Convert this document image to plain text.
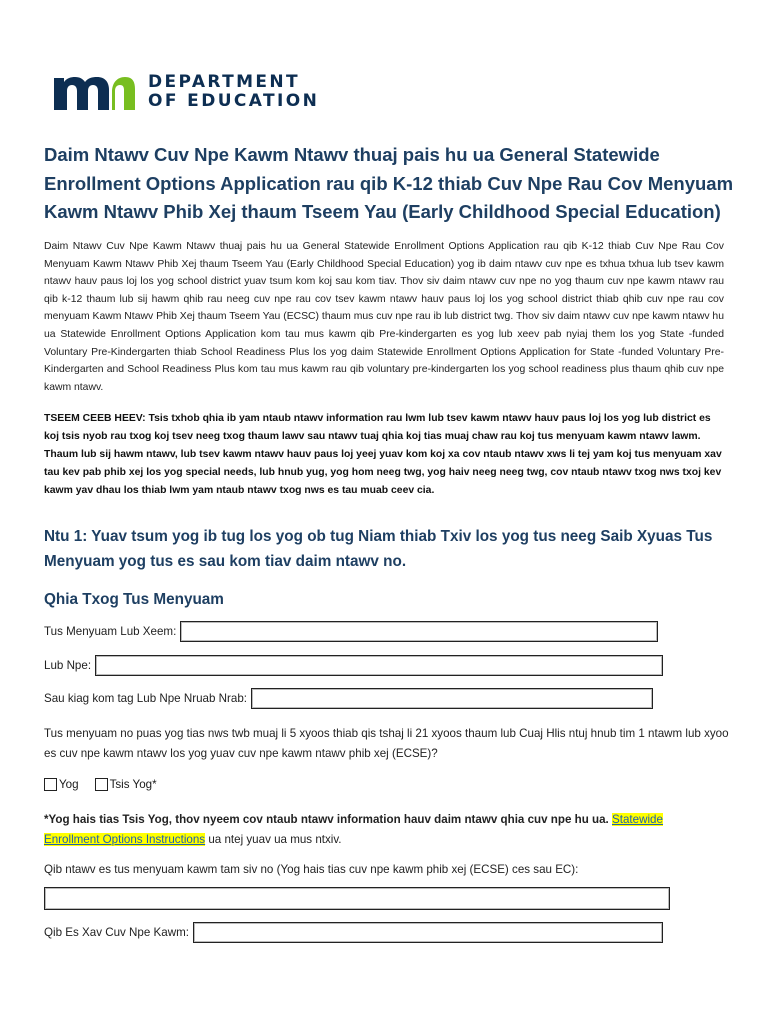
DEPARTMENT
OF EDUCATION
Daim Ntawv Cuv Npe Kawm Ntawv thuaj pais hu ua General Statewide Enrollment Options Application rau qib K-12 thiab Cuv Npe Rau Cov Menyuam Kawm Ntawv Phib Xej thaum Tseem Yau (Early Childhood Special Education)

Daim Ntawv Cuv Npe Kawm Ntawv thuaj pais hu ua General Statewide Enrollment Options Application rau qib K-12 thiab Cuv Npe Rau Cov Menyuam Kawm Ntawv Phib Xej thaum Tseem Yau (Early Childhood Special Education) yog ib daim ntawv cuv npe es txhua txhua lub tsev kawm ntawv hauv paus loj los yog school district yuav tsum kom koj sau kom tiav. Thov siv daim ntawv cuv npe no yog thaum cuv npe kawm ntawv rau qib k-12 thaum lub sij hawm qhib rau neeg cuv npe rau cov tsev kawm ntawv hauv paus loj los yog school district thiab qhib cuv npe rau cov menyuam Kawm Ntawv Phib Xej thaum Tseem Yau (ECSC) thaum mus cuv npe rau ib lub district twg. Thov siv daim ntawv cuv npe kawm ntawv hu ua Statewide Enrollment Options Application kom tau mus kawm qib Pre-kindergarten es yog lub xeev pab nyiaj them los yog State -funded Voluntary Pre-Kindergarten thiab School Readiness Plus los yog daim Statewide Enrollment Options Application for State -funded Voluntary Pre-Kindergarten and School Readiness Plus kom tau mus kawm rau qib voluntary pre-kindergarten los yog school readiness plus thaum qhib cuv npe kawm ntawv.

TSEEM CEEB HEEV: Tsis txhob qhia ib yam ntaub ntawv information rau lwm lub tsev kawm ntawv hauv paus loj los yog lub district es koj tsis nyob rau txog koj tsev neeg txog thaum lawv sau ntawv tuaj qhia koj tias muaj chaw rau koj tus menyuam kawm ntawv lawm. Thaum lub sij hawm ntawv, lub tsev kawm ntawv hauv paus loj yeej yuav kom koj xa cov ntaub ntawv xws li tej yam koj tus menyuam xav tau kev pab phib xej los yog special needs, lub hnub yug, yog hom neeg twg, yog haiv neeg neeg twg, cov ntaub ntawv txog nws txoj kev kawm yav dhau los thiab lwm yam ntaub ntawv txog nws es tau muab ceev cia.

Ntu 1: Yuav tsum yog ib tug los yog ob tug Niam thiab Txiv los yog tus neeg Saib Xyuas Tus Menyuam yog tus es sau kom tiav daim ntawv no.
Qhia Txog Tus Menyuam
Tus Menyuam Lub Xeem:
Lub Npe:
Sau kiag kom tag Lub Npe Nruab Nrab:

Tus menyuam no puas yog tias nws twb muaj li 5 xyoos thiab qis tshaj li 21 xyoos thaum lub Cuaj Hlis ntuj hnub tim 1 ntawm lub xyoo es cuv npe kawm ntawv los yog yuav cuv npe kawm ntawv phib xej (ECSE)?

Yog	Tsis Yog*

*Yog hais tias Tsis Yog, thov nyeem cov ntaub ntawv information hauv daim ntawv qhia cuv npe hu ua. Statewide Enrollment Options Instructions ua ntej yuav ua mus ntxiv.

Qib ntawv es tus menyuam kawm tam siv no (Yog hais tias cuv npe kawm phib xej (ECSE) ces sau EC):
Qib Es Xav Cuv Npe Kawm:
